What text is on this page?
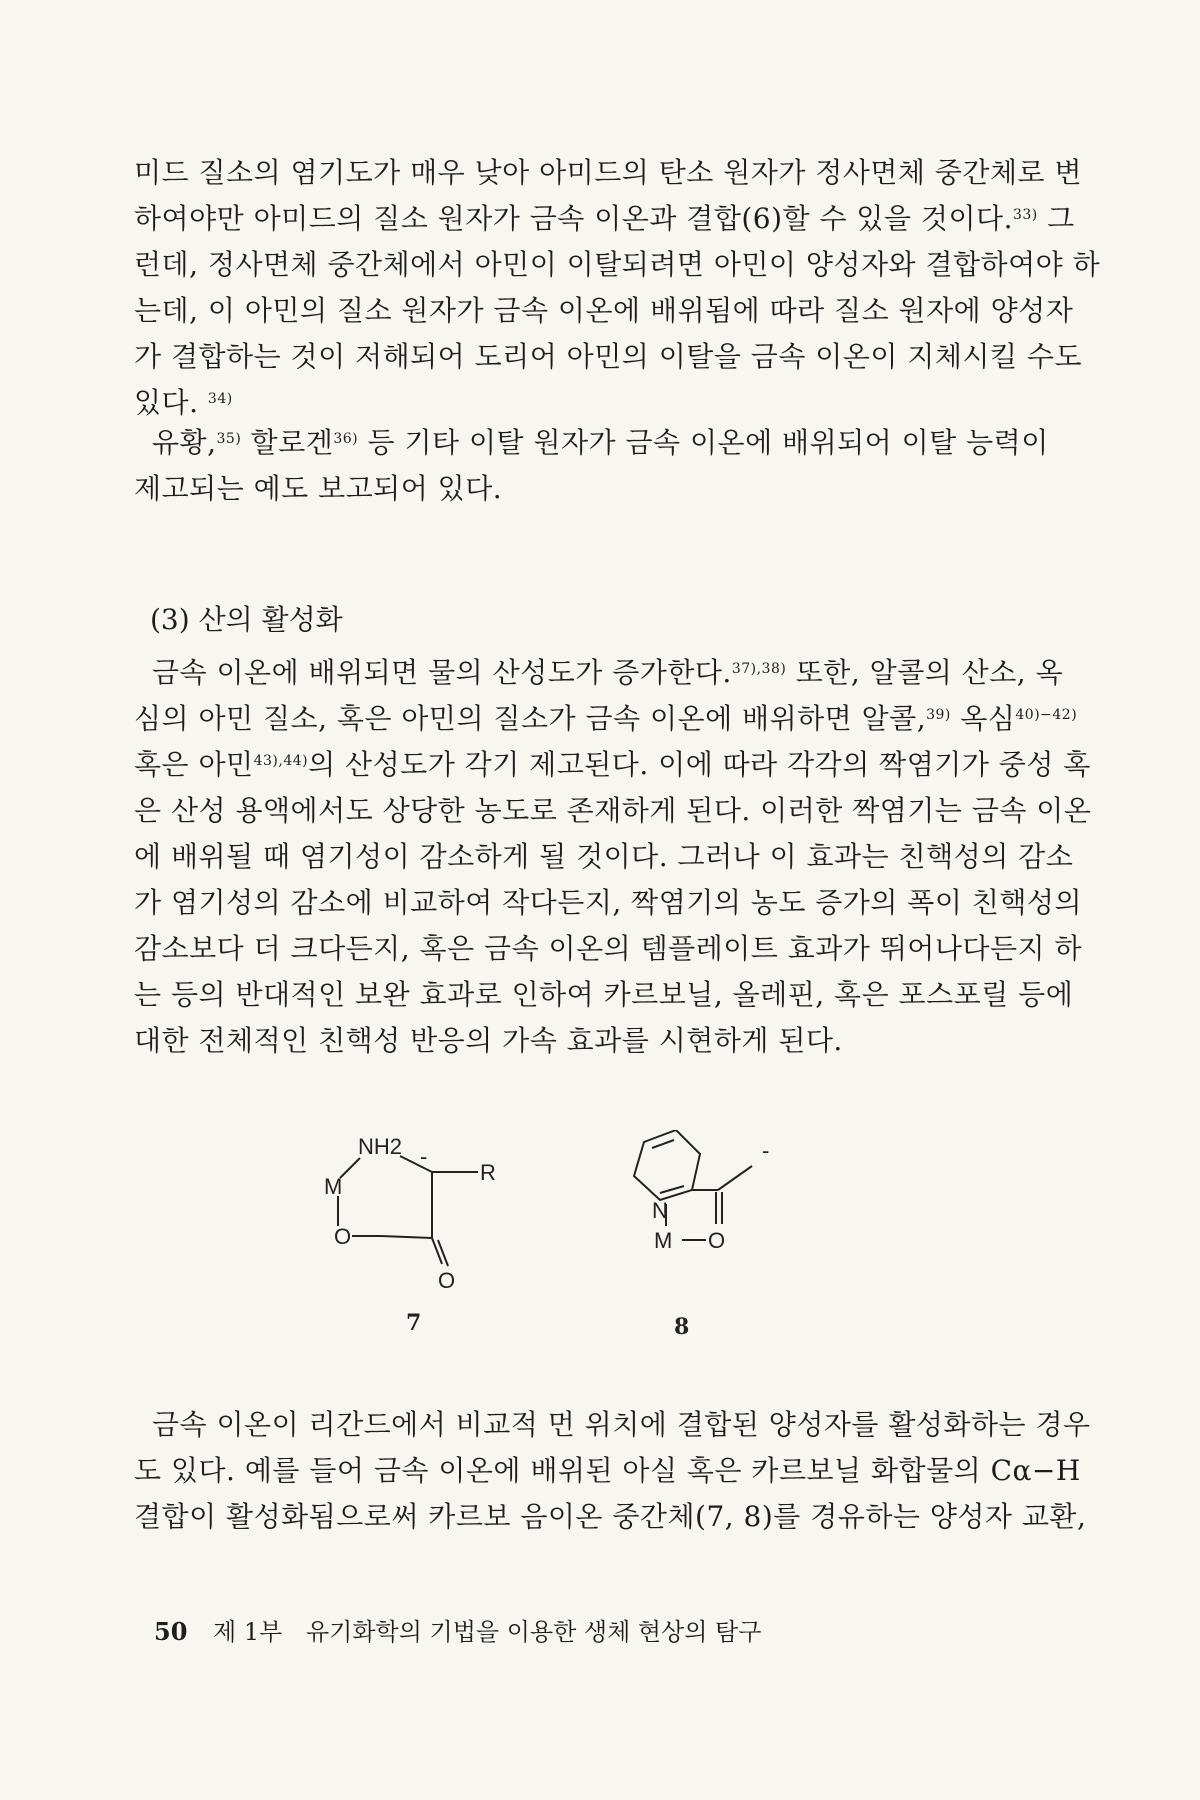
미드 질소의 염기도가 매우 낮아 아미드의 탄소 원자가 정사면체 중간체로 변
하여야만 아미드의 질소 원자가 금속 이온과 결합(6)할 수 있을 것이다.$^{33)}$ 그
런데, 정사면체 중간체에서 아민이 이탈되려면 아민이 양성자와 결합하여야 하
는데, 이 아민의 질소 원자가 금속 이온에 배위됨에 따라 질소 원자에 양성자
가 결합하는 것이 저해되어 도리어 아민의 이탈을 금속 이온이 지체시킬 수도
있다. $^{34)}$
유황,$^{35)}$ 할로겐$^{36)}$ 등 기타 이탈 원자가 금속 이온에 배위되어 이탈 능력이
제고되는 예도 보고되어 있다.
(3) 산의 활성화
금속 이온에 배위되면 물의 산성도가 증가한다.$^{37),38)}$ 또한, 알콜의 산소, 옥
심의 아민 질소, 혹은 아민의 질소가 금속 이온에 배위하면 알콜,$^{39)}$ 옥심$^{40)-42)}$
혹은 아민$^{43),44)}$의 산성도가 각기 제고된다. 이에 따라 각각의 짝염기가 중성 혹
은 산성 용액에서도 상당한 농도로 존재하게 된다. 이러한 짝염기는 금속 이온
에 배위될 때 염기성이 감소하게 될 것이다. 그러나 이 효과는 친핵성의 감소
가 염기성의 감소에 비교하여 작다든지, 짝염기의 농도 증가의 폭이 친핵성의
감소보다 더 크다든지, 혹은 금속 이온의 템플레이트 효과가 뛰어나다든지 하
는 등의 반대적인 보완 효과로 인하여 카르보닐, 올레핀, 혹은 포스포릴 등에
대한 전체적인 친핵성 반응의 가속 효과를 시현하게 된다.
NH2
M
-
R
O
O
7
N
M O
-
8
금속 이온이 리간드에서 비교적 먼 위치에 결합된 양성자를 활성화하는 경우
도 있다. 예를 들어 금속 이온에 배위된 아실 혹은 카르보닐 화합물의 Cα−H
결합이 활성화됨으로써 카르보 음이온 중간체(7, 8)를 경유하는 양성자 교환,
50 제 1부 유기화학의 기법을 이용한 생체 현상의 탐구
